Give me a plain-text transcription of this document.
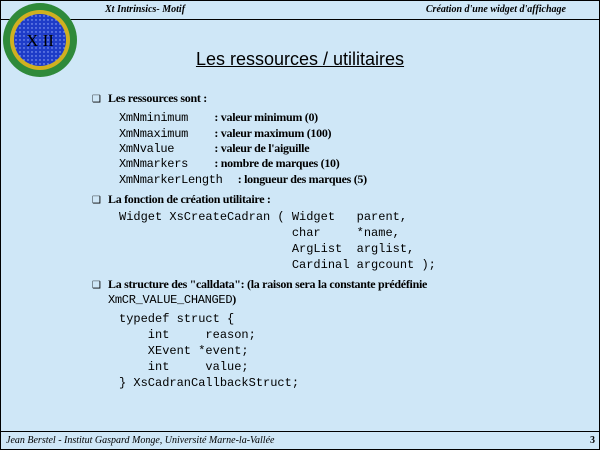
X II
Xt Intrinsics- Motif	Création d'une widget d'affichage
Les ressources / utilitaires
❑ Les ressources sont :
XmNminimum  : valeur minimum (0)
XmNmaximum  : valeur maximum (100)
XmNvalue	: valeur de l'aiguille
XmNmarkers  : nombre de marques (10)
XmNmarkerLength : longueur des marques (5)
❑ La fonction de création utilitaire :
Widget XsCreateCadran ( Widget   parent,
char     *name,
ArgList  arglist,
Cardinal argcount );
❑ La structure des "calldata": (la raison sera la constante prédéfinie
XmCR_VALUE_CHANGED)
typedef struct {
int     reason;
XEvent *event;
int     value;
} XsCadranCallbackStruct;
Jean Berstel - Institut Gaspard Monge, Université Marne-la-Vallée	3
